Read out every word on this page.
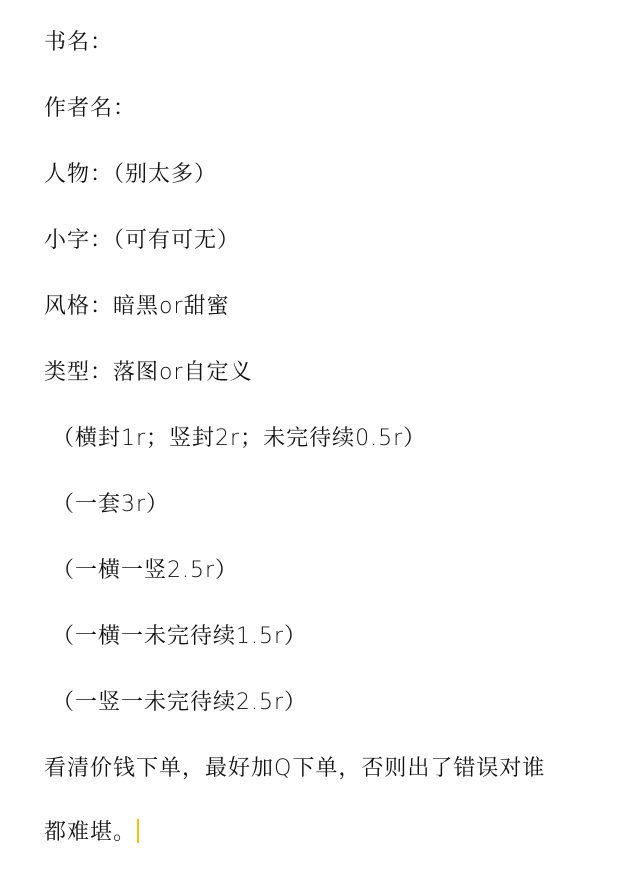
书名：
作者名：
人物：（别太多）
小字：（可有可无）
风格：暗黑or甜蜜
类型：落图or自定义
（横封1r；竖封2r；未完待续0.5r）
（一套3r）
（一横一竖2.5r）
（一横一未完待续1.5r）
（一竖一未完待续2.5r）
看清价钱下单，最好加Q下单，否则出了错误对谁
都难堪。
